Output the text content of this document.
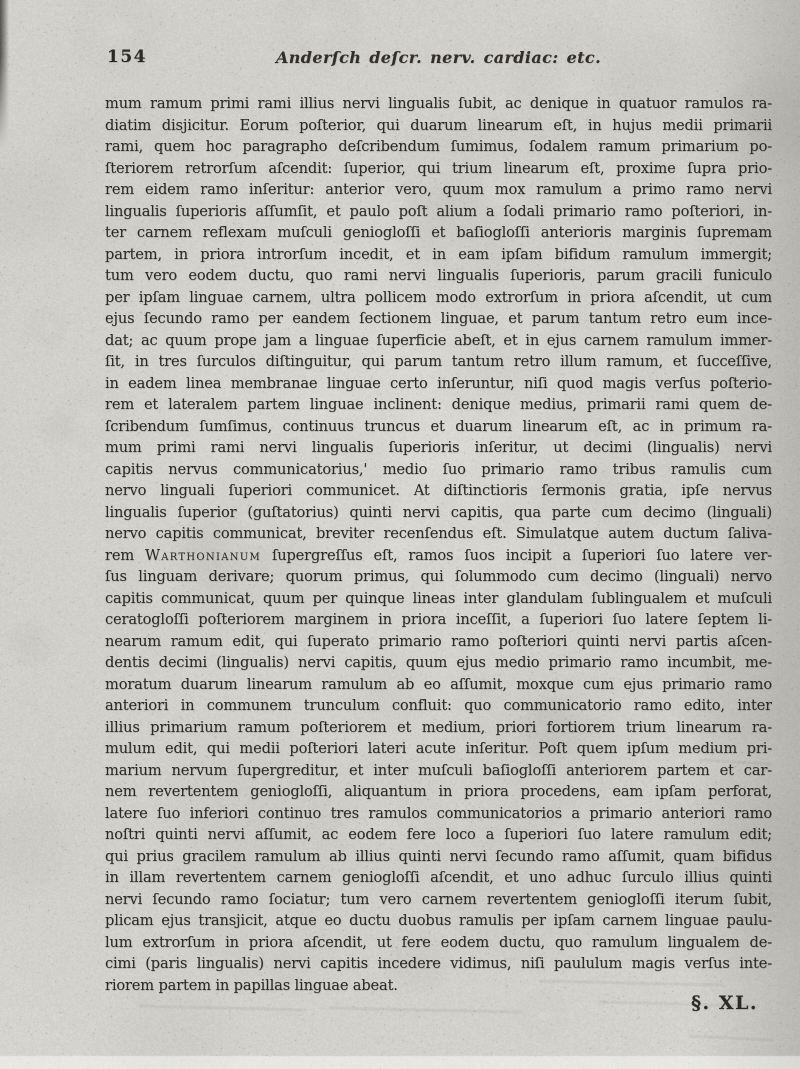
154	Anderſch deſcr. nerv. cardiac: etc.
mum ramum primi rami illius nervi lingualis ſubit, ac denique in quatuor ramulos ra-
diatim disjicitur. Eorum poſterior, qui duarum linearum eſt, in hujus medii primarii
rami, quem hoc paragrapho deſcribendum ſumimus, ſodalem ramum primarium po-
ſteriorem retrorſum aſcendit: ſuperior, qui trium linearum eſt, proxime ſupra prio-
rem eidem ramo inſeritur: anterior vero, quum mox ramulum a primo ramo nervi
lingualis ſuperioris aſſumſit, et paulo poſt alium a ſodali primario ramo poſteriori, in-
ter carnem reflexam muſculi geniogloſſi et baſiogloſſi anterioris marginis ſupremam
partem, in priora introrſum incedit, et in eam ipſam bifidum ramulum immergit;
tum vero eodem ductu, quo rami nervi lingualis ſuperioris, parum gracili funiculo
per ipſam linguae carnem, ultra pollicem modo extrorſum in priora aſcendit, ut cum
ejus ſecundo ramo per eandem ſectionem linguae, et parum tantum retro eum ince-
dat; ac quum prope jam a linguae ſuperficie abeſt, et in ejus carnem ramulum immer-
ſit, in tres ſurculos diſtinguitur, qui parum tantum retro illum ramum, et ſucceſſive,
in eadem linea membranae linguae certo inſeruntur, niſi quod magis verſus poſterio-
rem et lateralem partem linguae inclinent: denique medius, primarii rami quem de-
ſcribendum ſumſimus, continuus truncus et duarum linearum eſt, ac in primum ra-
mum primi rami nervi lingualis ſuperioris inſeritur, ut decimi (lingualis) nervi
capitis nervus communicatorius,' medio ſuo primario ramo tribus ramulis cum
nervo linguali ſuperiori communicet. At diſtinctioris ſermonis gratia, ipſe nervus
lingualis ſuperior (guſtatorius) quinti nervi capitis, qua parte cum decimo (linguali)
nervo capitis communicat, breviter recenſendus eſt. Simulatque autem ductum ſaliva-
rem Warthonianum ſupergreſſus eſt, ramos ſuos incipit a ſuperiori ſuo latere ver-
ſus linguam derivare; quorum primus, qui ſolummodo cum decimo (linguali) nervo
capitis communicat, quum per quinque lineas inter glandulam ſublingualem et muſculi
ceratogloſſi poſteriorem marginem in priora inceſſit, a ſuperiori ſuo latere ſeptem li-
nearum ramum edit, qui ſuperato primario ramo poſteriori quinti nervi partis aſcen-
dentis decimi (lingualis) nervi capitis, quum ejus medio primario ramo incumbit, me-
moratum duarum linearum ramulum ab eo aſſumit, moxque cum ejus primario ramo
anteriori in communem trunculum confluit: quo communicatorio ramo edito, inter
illius primarium ramum poſteriorem et medium, priori fortiorem trium linearum ra-
mulum edit, qui medii poſteriori lateri acute inſeritur. Poſt quem ipſum medium pri-
marium nervum ſupergreditur, et inter muſculi baſiogloſſi anteriorem partem et car-
nem revertentem geniogloſſi, aliquantum in priora procedens, eam ipſam perforat,
latere ſuo inferiori continuo tres ramulos communicatorios a primario anteriori ramo
noſtri quinti nervi aſſumit, ac eodem fere loco a ſuperiori ſuo latere ramulum edit;
qui prius gracilem ramulum ab illius quinti nervi ſecundo ramo aſſumit, quam bifidus
in illam revertentem carnem geniogloſſi aſcendit, et uno adhuc ſurculo illius quinti
nervi ſecundo ramo ſociatur; tum vero carnem revertentem geniogloſſi iterum ſubit,
plicam ejus transjicit, atque eo ductu duobus ramulis per ipſam carnem linguae paulu-
lum extrorſum in priora aſcendit, ut fere eodem ductu, quo ramulum lingualem de-
cimi (paris lingualis) nervi capitis incedere vidimus, niſi paululum magis verſus inte-
riorem partem in papillas linguae abeat.
§. XL.
